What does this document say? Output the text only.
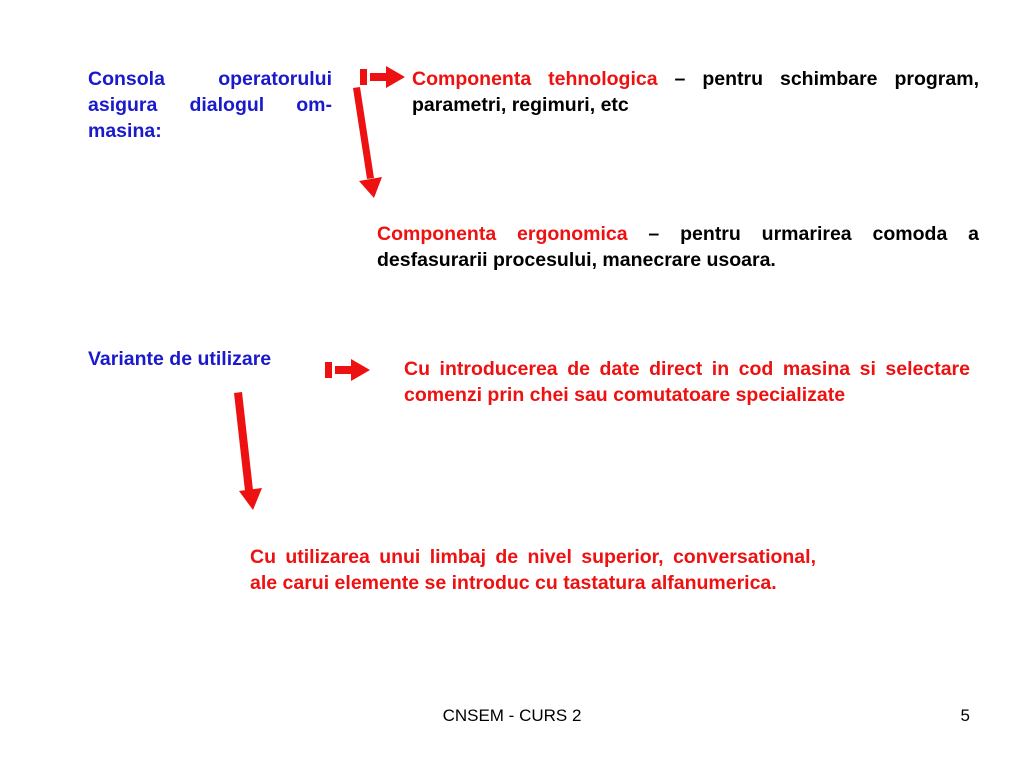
Consola operatorului asigura dialogul om-masina:

Componenta tehnologica – pentru schimbare program, parametri, regimuri, etc

Componenta ergonomica – pentru urmarirea comoda a desfasurarii procesului, manecrare usoara.

Variante de utilizare	Cu introducerea de date direct in cod masina si selectare comenzi prin chei sau comutatoare specializate

Cu utilizarea unui limbaj de nivel superior, conversational, ale carui elemente se introduc cu tastatura alfanumerica.

CNSEM - CURS 2	5
